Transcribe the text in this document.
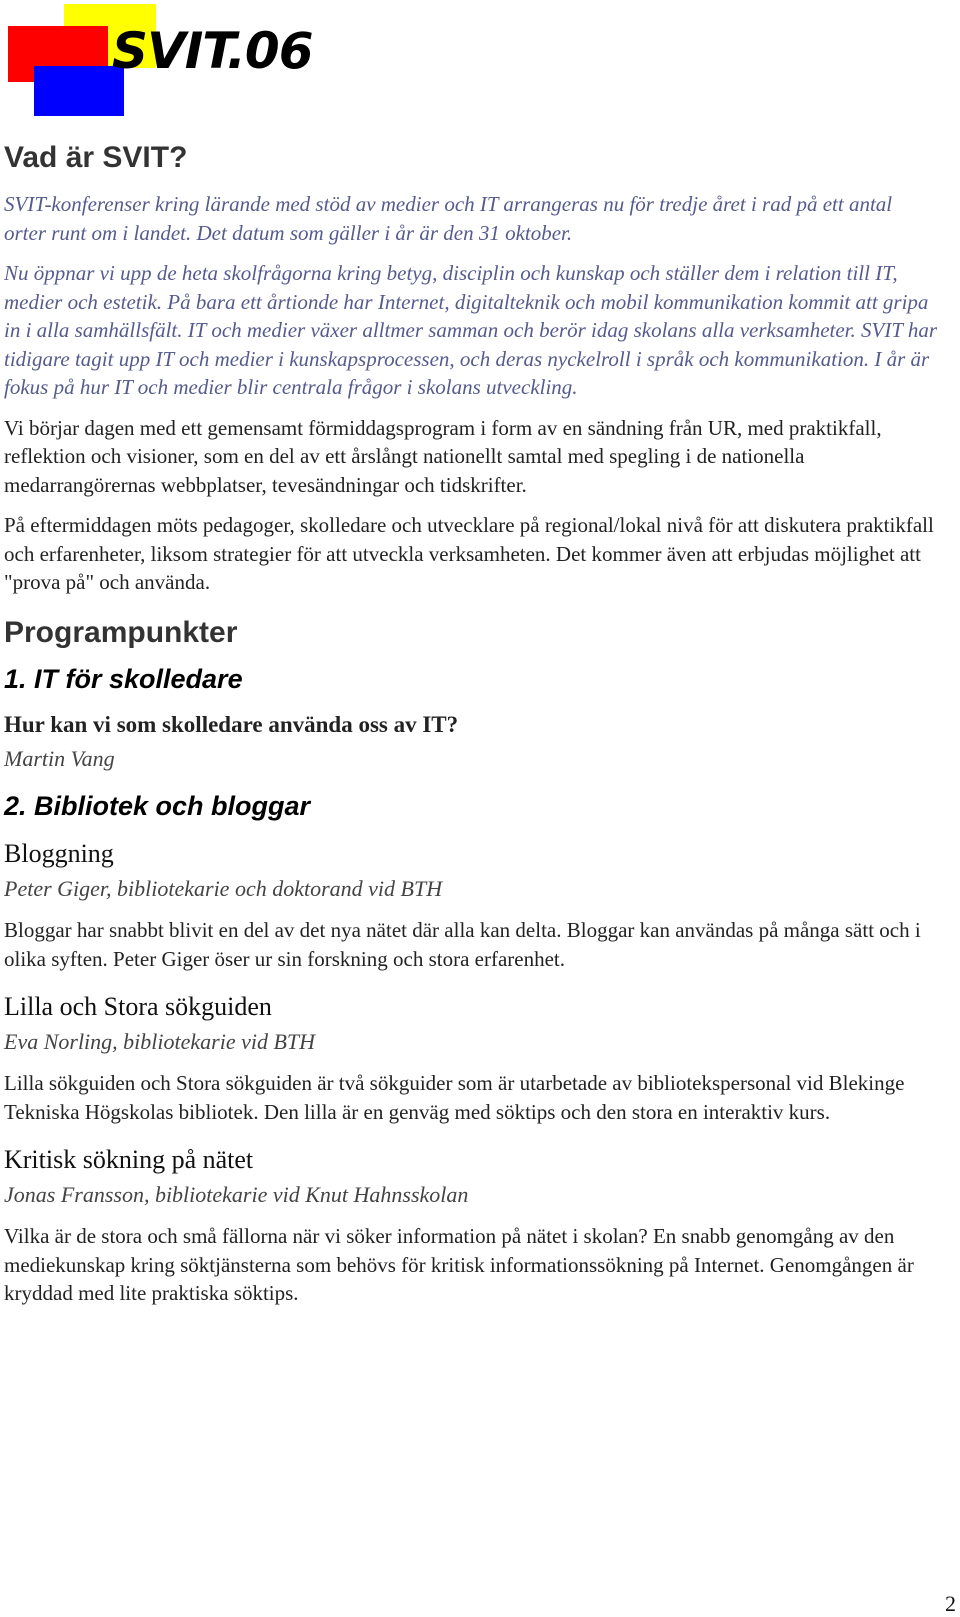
SVIT.06
Vad är SVIT?

SVIT-konferenser kring lärande med stöd av medier och IT arrangeras nu för tredje året i rad på ett antal orter runt om i landet. Det datum som gäller i år är den 31 oktober.

Nu öppnar vi upp de heta skolfrågorna kring betyg, disciplin och kunskap och ställer dem i relation till IT, medier och estetik. På bara ett årtionde har Internet, digitalteknik och mobil kommunikation kommit att gripa in i alla samhällsfält. IT och medier växer alltmer samman och berör idag skolans alla verksamheter. SVIT har tidigare tagit upp IT och medier i kunskapsprocessen, och deras nyckelroll i språk och kommunikation. I år är fokus på hur IT och medier blir centrala frågor i skolans utveckling.

Vi börjar dagen med ett gemensamt förmiddagsprogram i form av en sändning från UR, med praktikfall, reflektion och visioner, som en del av ett årslångt nationellt samtal med spegling i de nationella medarrangörernas webbplatser, tevesändningar och tidskrifter.

På eftermiddagen möts pedagoger, skolledare och utvecklare på regional/lokal nivå för att diskutera praktikfall och erfarenheter, liksom strategier för att utveckla verksamheten. Det kommer även att erbjudas möjlighet att "prova på" och använda.

Programpunkter
1. IT för skolledare
Hur kan vi som skolledare använda oss av IT?
Martin Vang
2. Bibliotek och bloggar
Bloggning
Peter Giger, bibliotekarie och doktorand vid BTH

Bloggar har snabbt blivit en del av det nya nätet där alla kan delta. Bloggar kan användas på många sätt och i olika syften. Peter Giger öser ur sin forskning och stora erfarenhet.

Lilla och Stora sökguiden
Eva Norling, bibliotekarie vid BTH

Lilla sökguiden och Stora sökguiden är två sökguider som är utarbetade av bibliotekspersonal vid Blekinge Tekniska Högskolas bibliotek. Den lilla är en genväg med söktips och den stora en interaktiv kurs.

Kritisk sökning på nätet
Jonas Fransson, bibliotekarie vid Knut Hahnsskolan

Vilka är de stora och små fällorna när vi söker information på nätet i skolan? En snabb genomgång av den mediekunskap kring söktjänsterna som behövs för kritisk informationssökning på Internet. Genomgången är kryddad med lite praktiska söktips.

2
